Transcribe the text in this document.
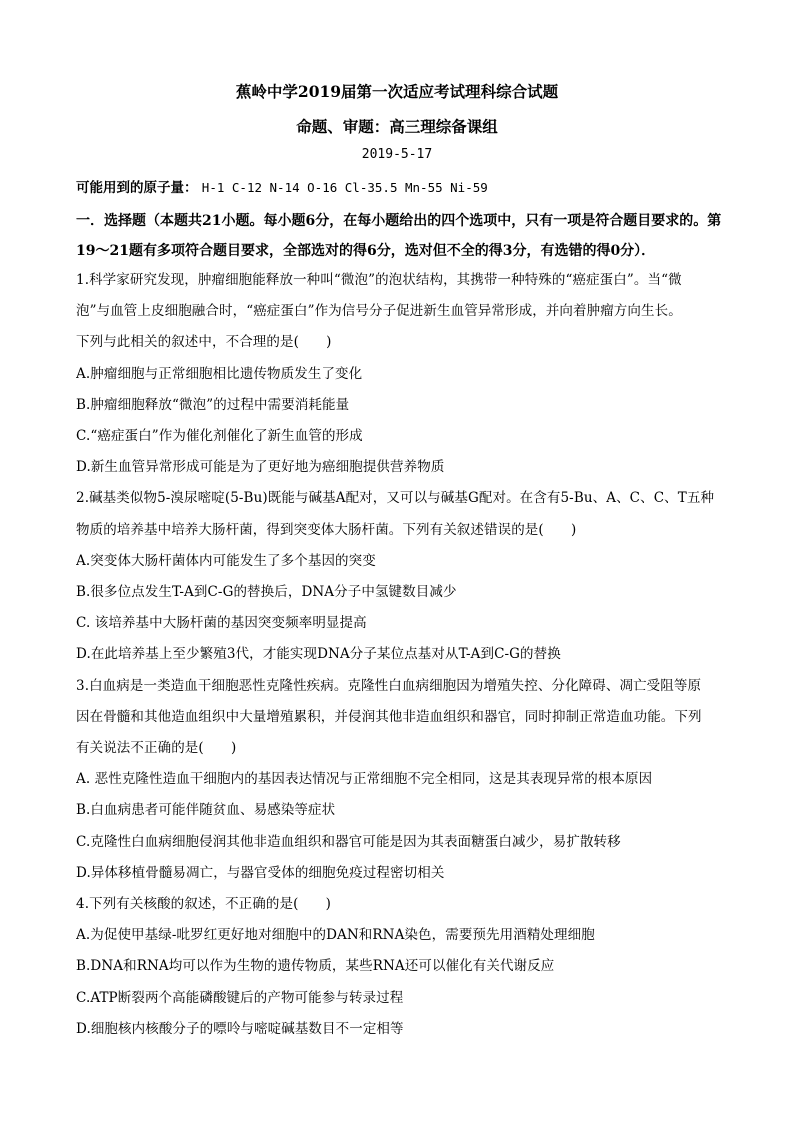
蕉岭中学2019届第一次适应考试理科综合试题
命题、审题：高三理综备课组
2019-5-17
可能用到的原子量： H-1 C-12 N-14 O-16 Cl-35.5 Mn-55 Ni-59
一．选择题（本题共21小题。每小题6分，在每小题给出的四个选项中，只有一项是符合题目要求的。第19～21题有多项符合题目要求，全部选对的得6分，选对但不全的得3分，有选错的得0分）．
1.科学家研究发现，肿瘤细胞能释放一种叫“微泡”的泡状结构，其携带一种特殊的“癌症蛋白”。当“微
泡”与血管上皮细胞融合时，“癌症蛋白”作为信号分子促进新生血管异常形成，并向着肿瘤方向生长。
下列与此相关的叙述中，不合理的是(　　)
A.肿瘤细胞与正常细胞相比遗传物质发生了变化
B.肿瘤细胞释放“微泡”的过程中需要消耗能量
C.“癌症蛋白”作为催化剂催化了新生血管的形成
D.新生血管异常形成可能是为了更好地为癌细胞提供营养物质
2.碱基类似物5-溴尿嘧啶(5-Bu)既能与碱基A配对，又可以与碱基G配对。在含有5-Bu、A、C、C、T五种
物质的培养基中培养大肠杆菌，得到突变体大肠杆菌。下列有关叙述错误的是(　　)
A.突变体大肠杆菌体内可能发生了多个基因的突变
B.很多位点发生T-A到C-G的替换后，DNA分子中氢键数目减少
C. 该培养基中大肠杆菌的基因突变频率明显提高
D.在此培养基上至少繁殖3代，才能实现DNA分子某位点基对从T-A到C-G的替换
3.白血病是一类造血干细胞恶性克隆性疾病。克隆性白血病细胞因为增殖失控、分化障碍、凋亡受阻等原
因在骨髓和其他造血组织中大量增殖累积，并侵润其他非造血组织和器官，同时抑制正常造血功能。下列
有关说法不正确的是(　　)
A. 恶性克隆性造血干细胞内的基因表达情况与正常细胞不完全相同，这是其表现异常的根本原因
B.白血病患者可能伴随贫血、易感染等症状
C.克隆性白血病细胞侵润其他非造血组织和器官可能是因为其表面糖蛋白减少，易扩散转移
D.异体移植骨髓易凋亡，与器官受体的细胞免疫过程密切相关
4.下列有关核酸的叙述，不正确的是(　　)
A.为促使甲基绿-吡罗红更好地对细胞中的DAN和RNA染色，需要预先用酒精处理细胞
B.DNA和RNA均可以作为生物的遗传物质，某些RNA还可以催化有关代谢反应
C.ATP断裂两个高能磷酸键后的产物可能参与转录过程
D.细胞核内核酸分子的嘌呤与嘧啶碱基数目不一定相等
